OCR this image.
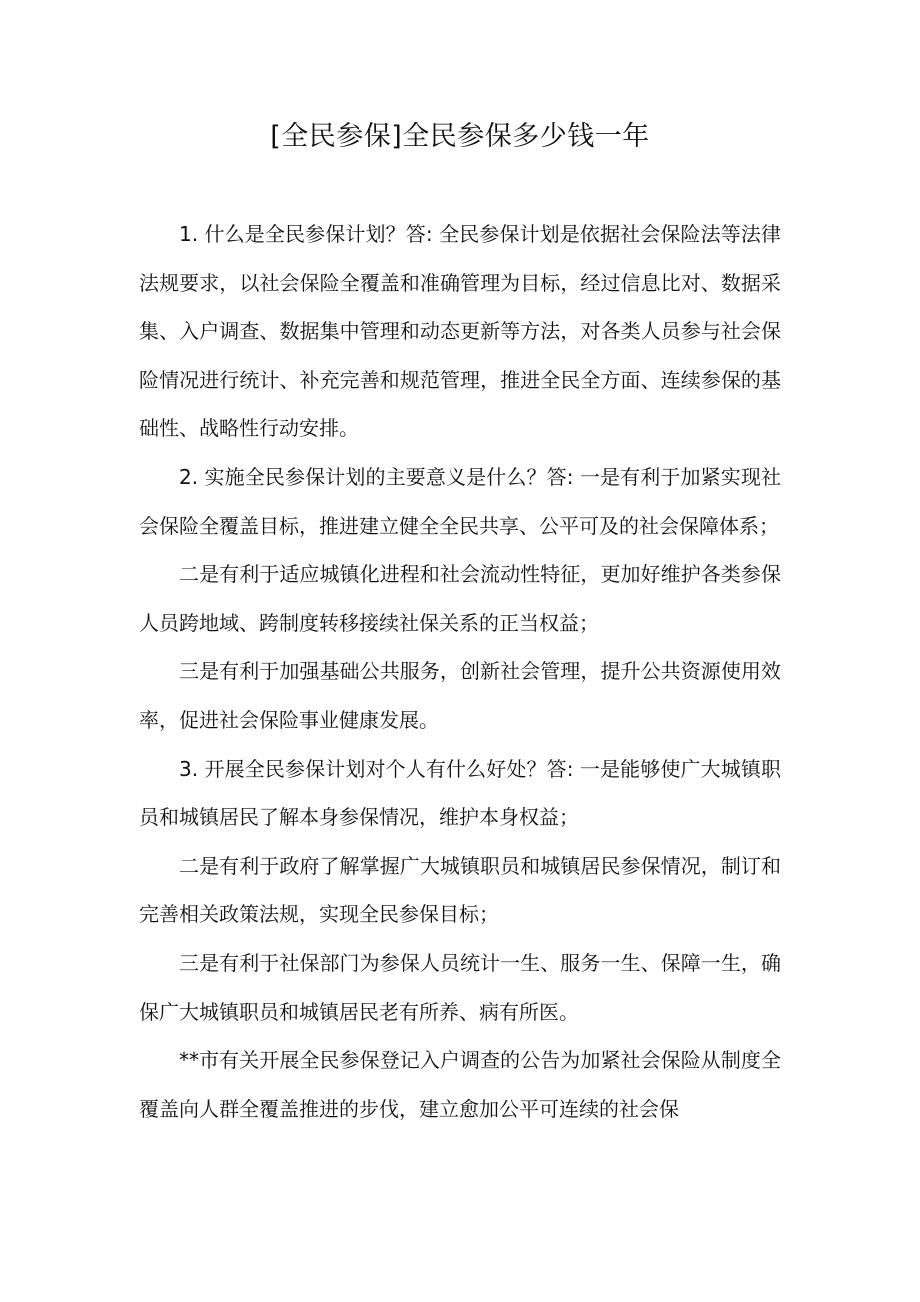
[全民参保]全民参保多少钱一年

1. 什么是全民参保计划？答: 全民参保计划是依据社会保险法等法律法规要求，以社会保险全覆盖和准确管理为目标，经过信息比对、数据采集、入户调查、数据集中管理和动态更新等方法，对各类人员参与社会保险情况进行统计、补充完善和规范管理，推进全民全方面、连续参保的基础性、战略性行动安排。

2. 实施全民参保计划的主要意义是什么？答: 一是有利于加紧实现社会保险全覆盖目标，推进建立健全全民共享、公平可及的社会保障体系；

二是有利于适应城镇化进程和社会流动性特征，更加好维护各类参保人员跨地域、跨制度转移接续社保关系的正当权益；

三是有利于加强基础公共服务，创新社会管理，提升公共资源使用效率，促进社会保险事业健康发展。

3. 开展全民参保计划对个人有什么好处？答: 一是能够使广大城镇职员和城镇居民了解本身参保情况，维护本身权益；

二是有利于政府了解掌握广大城镇职员和城镇居民参保情况，制订和完善相关政策法规，实现全民参保目标；

三是有利于社保部门为参保人员统计一生、服务一生、保障一生，确保广大城镇职员和城镇居民老有所养、病有所医。

**市有关开展全民参保登记入户调查的公告为加紧社会保险从制度全覆盖向人群全覆盖推进的步伐，建立愈加公平可连续的社会保
